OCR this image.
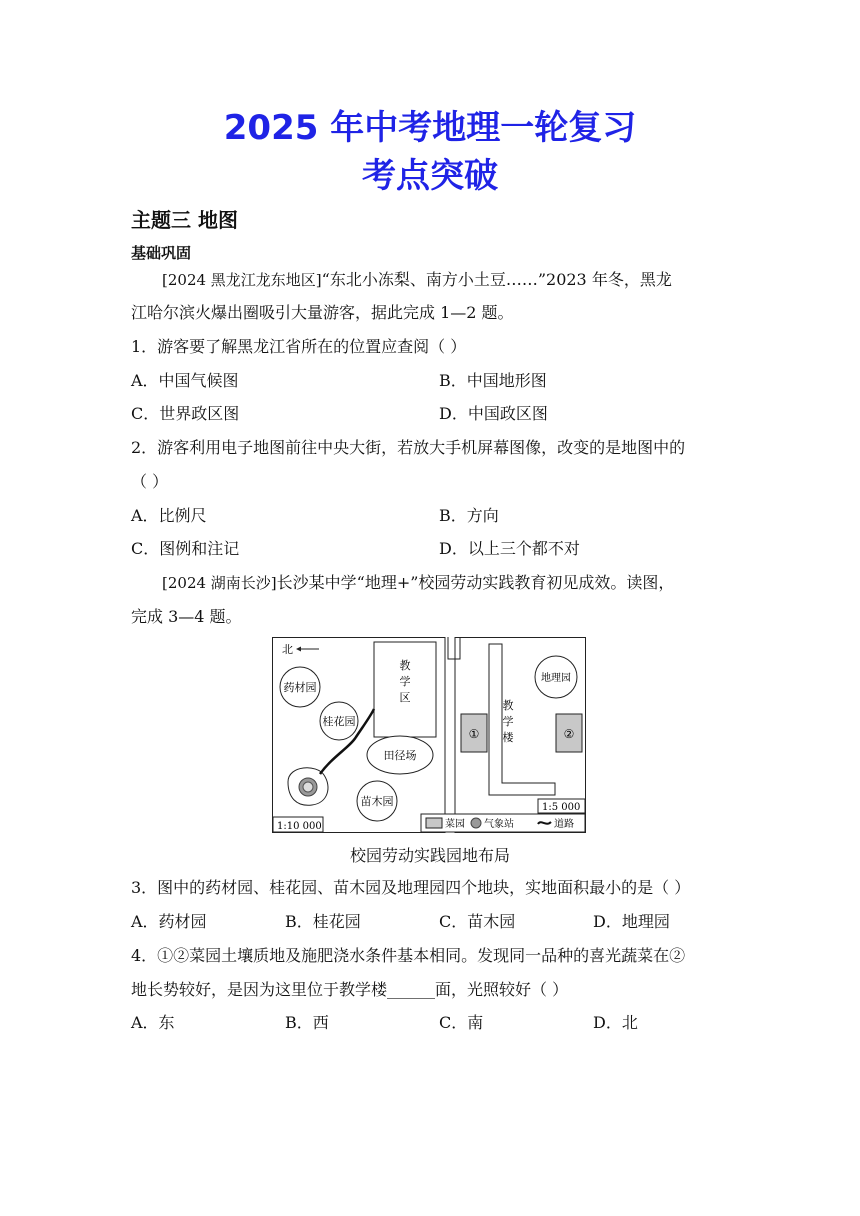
2025 年中考地理一轮复习
考点突破
主题三 地图
基础巩固
[2024 黑龙江龙东地区]“东北小冻梨、南方小土豆……”2023 年冬，黑龙
江哈尔滨火爆出圈吸引大量游客，据此完成 1—2 题。
1．游客要了解黑龙江省所在的位置应查阅（ ）
A．中国气候图	B．中国地形图
C．世界政区图	D．中国政区图
2．游客利用电子地图前往中央大街，若放大手机屏幕图像，改变的是地图中的
（ ）
A．比例尺	B．方向
C．图例和注记	D．以上三个都不对
[2024 湖南长沙]长沙某中学“地理+”校园劳动实践教育初见成效。读图，
完成 3—4 题。
北
药材园
桂花园
教
学
区
田径场
苗木园
①
教
学
楼
地理园
②
1:10 000
1:5 000
菜园 气象站	道路
校园劳动实践园地布局
3．图中的药材园、桂花园、苗木园及地理园四个地块，实地面积最小的是（ ）
A．药材园	B．桂花园	C．苗木园	D．地理园
4．①②菜园土壤质地及施肥浇水条件基本相同。发现同一品种的喜光蔬菜在②
地长势较好，是因为这里位于教学楼______面，光照较好（ ）
A．东	B．西	C．南	D．北
